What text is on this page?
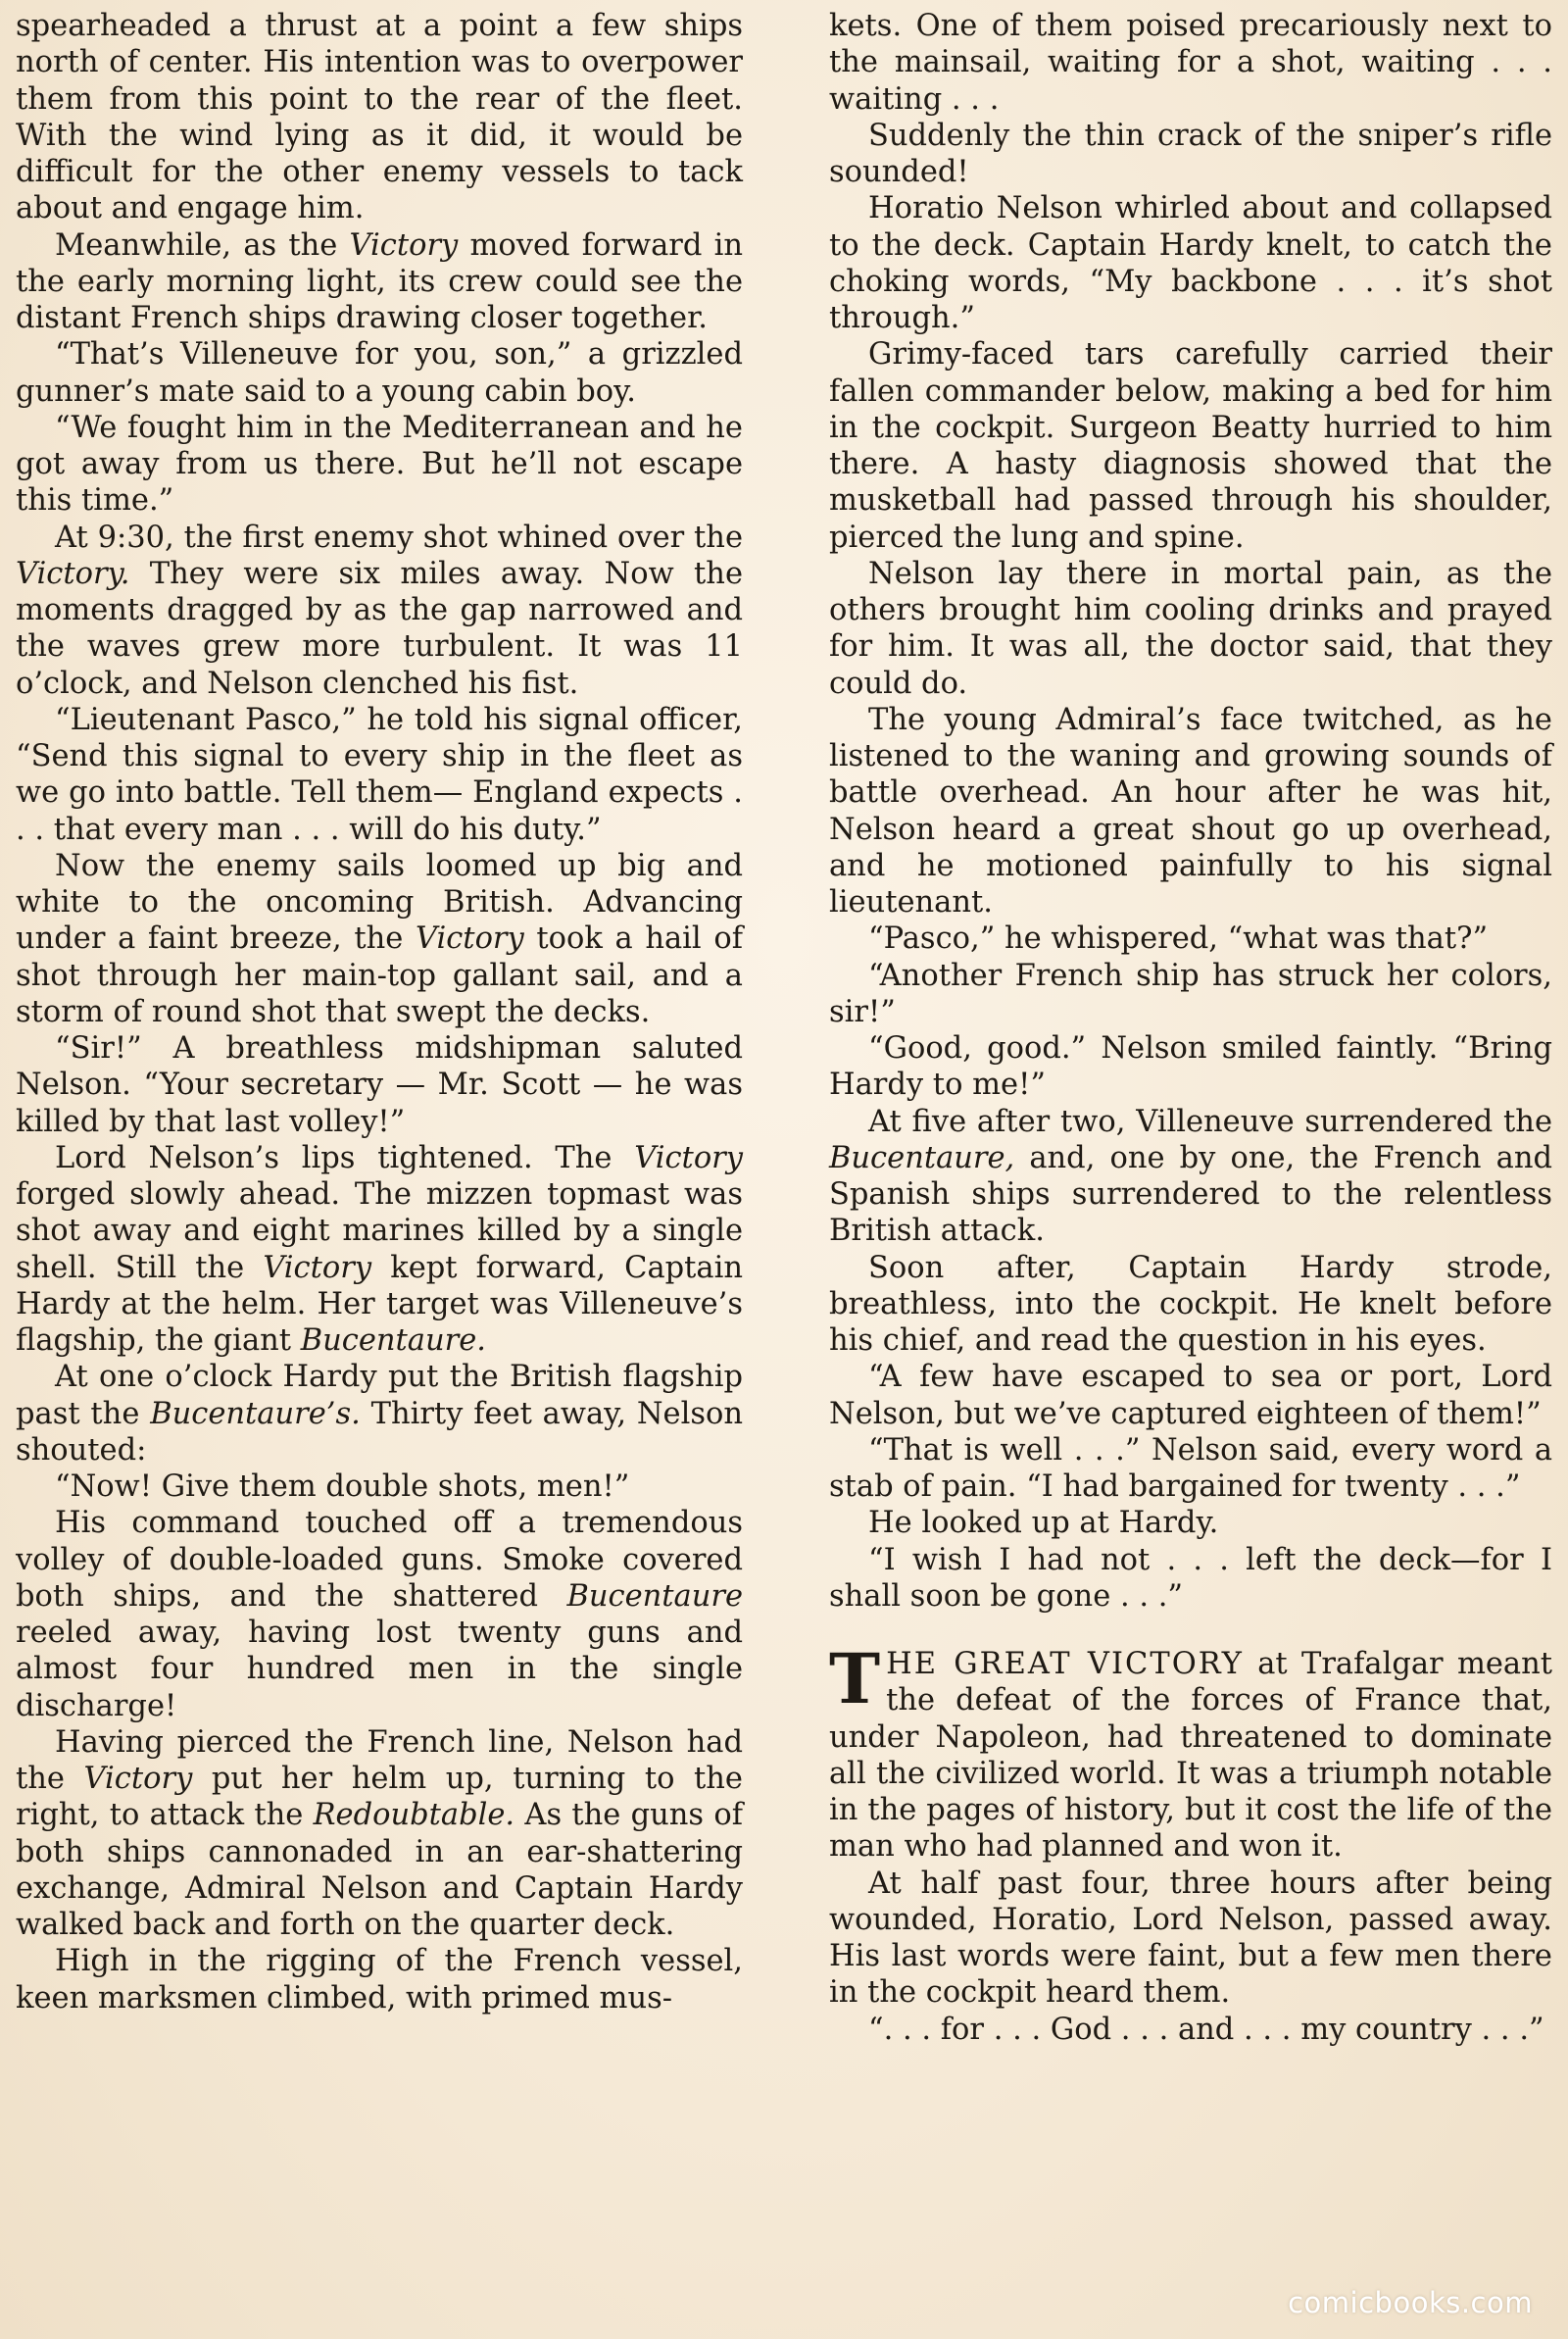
spearheaded a thrust at a point a few ships north of center. His intention was to overpower them from this point to the rear of the fleet. With the wind lying as it did, it would be difficult for the other enemy vessels to tack about and engage him.

Meanwhile, as the Victory moved forward in the early morning light, its crew could see the distant French ships drawing closer together.

“That’s Villeneuve for you, son,” a grizzled gunner’s mate said to a young cabin boy.

“We fought him in the Mediterranean and he got away from us there. But he’ll not escape this time.”

At 9:30, the first enemy shot whined over the Victory. They were six miles away. Now the moments dragged by as the gap narrowed and the waves grew more turbulent. It was 11 o’clock, and Nelson clenched his fist.

“Lieutenant Pasco,” he told his signal officer, “Send this signal to every ship in the fleet as we go into battle. Tell them— England expects . . . that every man . . . will do his duty.”

Now the enemy sails loomed up big and white to the oncoming British. Advancing under a faint breeze, the Victory took a hail of shot through her main-top gallant sail, and a storm of round shot that swept the decks.

“Sir!” A breathless midshipman saluted Nelson. “Your secretary — Mr. Scott — he was killed by that last volley!”

Lord Nelson’s lips tightened. The Victory forged slowly ahead. The mizzen topmast was shot away and eight marines killed by a single shell. Still the Victory kept forward, Captain Hardy at the helm. Her target was Villeneuve’s flagship, the giant Bucentaure.

At one o’clock Hardy put the British flagship past the Bucentaure’s. Thirty feet away, Nelson shouted:

“Now! Give them double shots, men!”

His command touched off a tremendous volley of double-loaded guns. Smoke covered both ships, and the shattered Bucentaure reeled away, having lost twenty guns and almost four hundred men in the single discharge!

Having pierced the French line, Nelson had the Victory put her helm up, turning to the right, to attack the Redoubtable. As the guns of both ships cannonaded in an ear-shattering exchange, Admiral Nelson and Captain Hardy walked back and forth on the quarter deck.

High in the rigging of the French vessel, keen marksmen climbed, with primed mus-

kets. One of them poised precariously next to the mainsail, waiting for a shot, waiting . . . waiting . . .

Suddenly the thin crack of the sniper’s rifle sounded!

Horatio Nelson whirled about and collapsed to the deck. Captain Hardy knelt, to catch the choking words, “My backbone . . . it’s shot through.”

Grimy-faced tars carefully carried their fallen commander below, making a bed for him in the cockpit. Surgeon Beatty hurried to him there. A hasty diagnosis showed that the musketball had passed through his shoulder, pierced the lung and spine.

Nelson lay there in mortal pain, as the others brought him cooling drinks and prayed for him. It was all, the doctor said, that they could do.

The young Admiral’s face twitched, as he listened to the waning and growing sounds of battle overhead. An hour after he was hit, Nelson heard a great shout go up overhead, and he motioned painfully to his signal lieutenant.

“Pasco,” he whispered, “what was that?”

“Another French ship has struck her colors, sir!”

“Good, good.” Nelson smiled faintly. “Bring Hardy to me!”

At five after two, Villeneuve surrendered the Bucentaure, and, one by one, the French and Spanish ships surrendered to the relentless British attack.

Soon after, Captain Hardy strode, breathless, into the cockpit. He knelt before his chief, and read the question in his eyes.

“A few have escaped to sea or port, Lord Nelson, but we’ve captured eighteen of them!”

“That is well . . .” Nelson said, every word a stab of pain. “I had bargained for twenty . . .”

He looked up at Hardy.

“I wish I had not . . . left the deck—for I shall soon be gone . . .”

THE GREAT VICTORY at Trafalgar meant the defeat of the forces of France that, under Napoleon, had threatened to dominate all the civilized world. It was a triumph notable in the pages of history, but it cost the life of the man who had planned and won it.

At half past four, three hours after being wounded, Horatio, Lord Nelson, passed away. His last words were faint, but a few men there in the cockpit heard them.

“. . . for . . . God . . . and . . . my country . . .”

comicbooks.com
